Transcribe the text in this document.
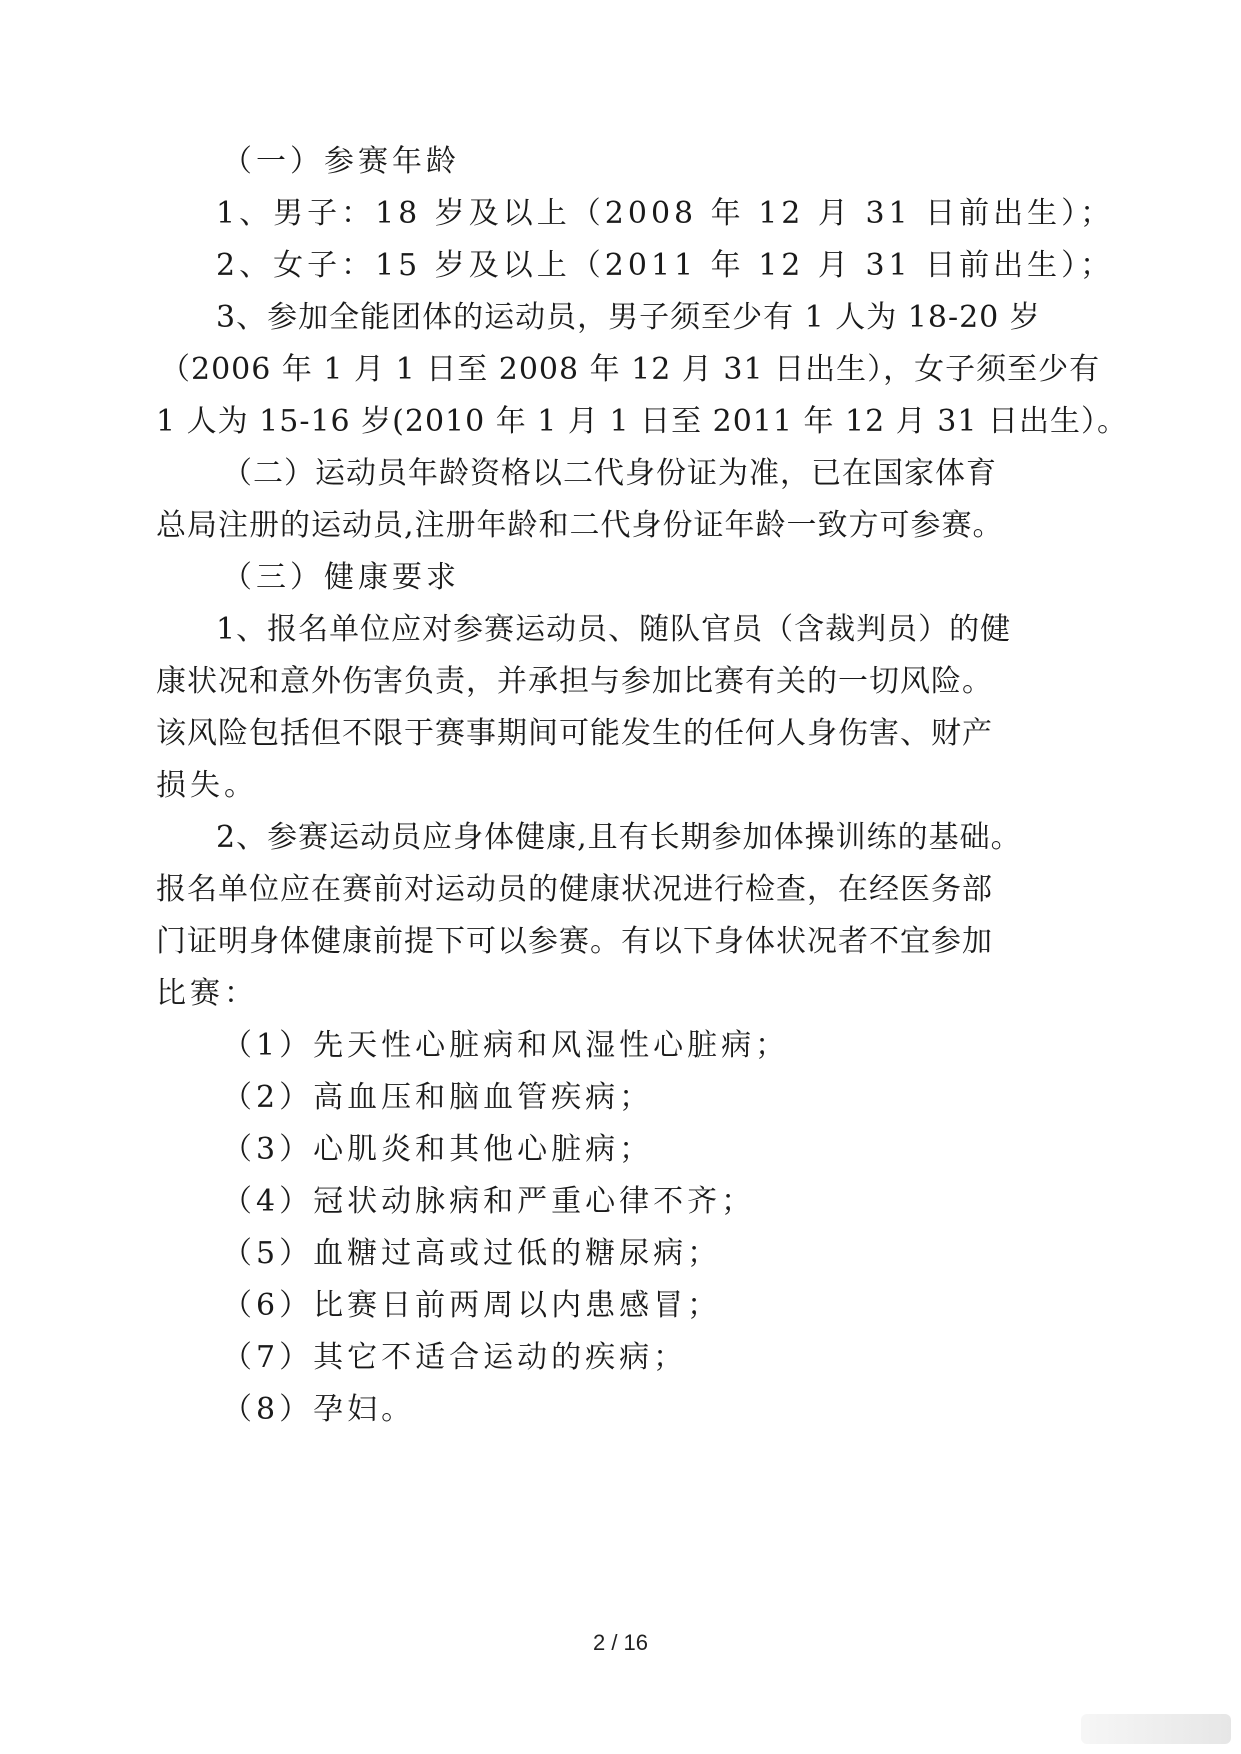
（一）参赛年龄
1、男子：18 岁及以上（2008 年 12 月 31 日前出生）；
2、女子：15 岁及以上（2011 年 12 月 31 日前出生）；
3、参加全能团体的运动员，男子须至少有 1 人为 18-20 岁
（2006 年 1 月 1 日至 2008 年 12 月 31 日出生），女子须至少有
1 人为 15-16 岁(2010 年 1 月 1 日至 2011 年 12 月 31 日出生）。
（二）运动员年龄资格以二代身份证为准，已在国家体育
总局注册的运动员,注册年龄和二代身份证年龄一致方可参赛。
（三）健康要求
1、报名单位应对参赛运动员、随队官员（含裁判员）的健
康状况和意外伤害负责，并承担与参加比赛有关的一切风险。
该风险包括但不限于赛事期间可能发生的任何人身伤害、财产
损失。
2、参赛运动员应身体健康,且有长期参加体操训练的基础。
报名单位应在赛前对运动员的健康状况进行检查，在经医务部
门证明身体健康前提下可以参赛。有以下身体状况者不宜参加
比赛：
（1）先天性心脏病和风湿性心脏病；
（2）高血压和脑血管疾病；
（3）心肌炎和其他心脏病；
（4）冠状动脉病和严重心律不齐；
（5）血糖过高或过低的糖尿病；
（6）比赛日前两周以内患感冒；
（7）其它不适合运动的疾病；
（8）孕妇。
2 / 16
